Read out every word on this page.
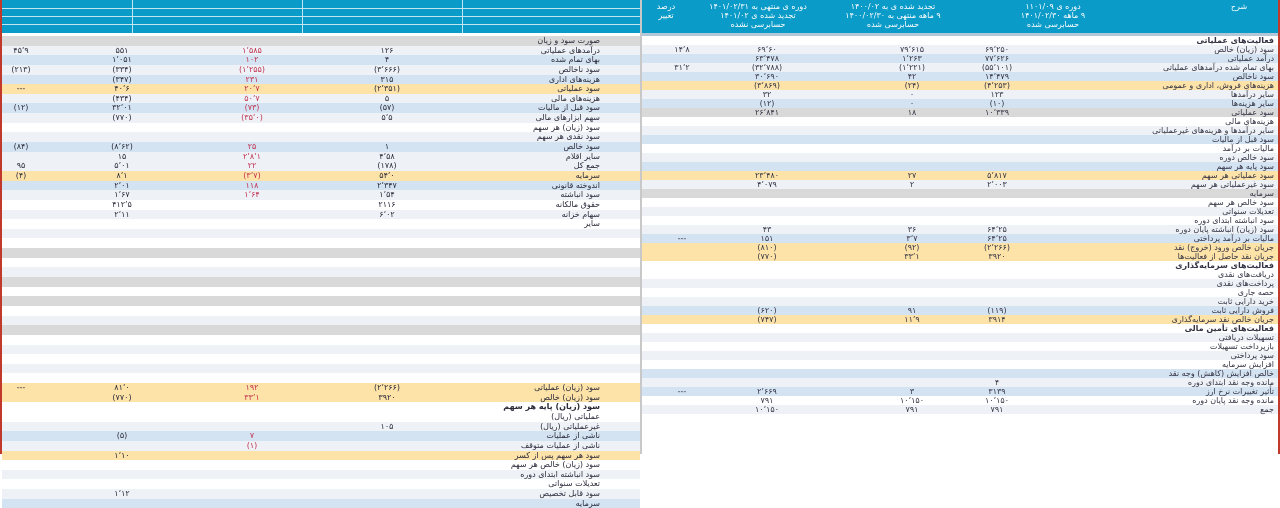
صورت سود و زیان
درآمدهای عملیاتی
۱۲۶
۱٬۵۸۵
۵۵۱
۴۵٬۹
بهای تمام شده
۴
۱۰۲
۱٬۰۵۱
سود ناخالص
(۳٬۶۶۶)
(۱٬۲۵۵)
(۳۳۴)
(۲۱۳)
هزینه‌های اداری
۳۱۵
۲۳۱
(۳۴۷)
سود عملیاتی
(۲٬۳۵۱)
۲۰٬۷
۴۰٬۶
---
هزینه‌های مالی
۵
۵۰٬۷
(۴۳۴)
سود قبل از مالیات
(۵۷)
(۷۳)
۳۲٬۰۱
(۱۲)
سهم ابزارهای مالی
۵٬۵
(۳۵٬۰)
(۷۷۰)
سود (زیان) هر سهم
سود نقدی هر سهم
سود خالص
۱
۲۵
(۸٬۶۲)
(۸۴)
سایر اقلام
۴٬۵۸
۲٬۸٬۱
۱۵
جمع کل
(۱۷۸)
۲۲
۵٬۰۱
۹۵
سرمایه
۵۴٬۰
(۳٬۷)
۸٬۱
(۴)
اندوخته قانونی
۲٬۳۴۷
۱۱۸
۲٬۰۱
سود انباشته
۱٬۵۴
۱٬۶۴
۱٬۶۷
حقوق مالکانه
۲۱۱۶
۴۱۲٬۵
سهام خزانه
۶٬۰۲
۲٬۱۱
سایر
سود (زیان) عملیاتی
(۲٬۲۶۶)
۱۹۲
۸۱٬۰
---
سود (زیان) خالص
۳۹۲۰
۳۳٬۱
(۷۷۰)
سود (زیان) پایه هر سهم
عملیاتی (ریال)
غیرعملیاتی (ریال)
۱۰۵
ناشی از عملیات
۷
(۵)
ناشی از عملیات متوقف
(۱)
سود هر سهم پس از کسر
۱٬۱۰
سود (زیان) خالص هر سهم
سود انباشته ابتدای دوره
تعدیلات سنواتی
سود قابل تخصیص
۱٬۱۲
سرمایه
شرح
دوره ی ۱۱۰۱/۰۹
۹ ماهه ۱۴۰۱/۰۲/۳۰
حسابرسی شده
تجدید شده ی به ۱۴۰۰/۰۲
۹ ماهه منتهی به ۱۴۰۰/۰۲/۳۰
حسابرسی شده
دوره ی منتهی به ۱۴۰۱/۰۲/۳۱
تجدید شده ی ۱۴۰۱/۰۲
حسابرسی نشده
درصد
تغییر
فعالیت‌های عملیاتی
سود (زیان) خالص
۶۹٬۲۵۰
۷۹٬۶۱۵
۶۹٬۶۰
۱۴٬۸
درآمد عملیاتی
۷۷٬۶۲۶
۱٬۲۶۳
۶۳٬۴۷۸
بهای تمام شده درآمدهای عملیاتی
(۵۵٬۱۰۱)
(۱٬۲۲۱)
(۳۲٬۷۸۸)
۳۱٬۲
سود ناخالص
۱۴٬۴۷۹
۴۲
۳۰٬۶۹۰
هزینه‌های فروش، اداری و عمومی
(۴٬۲۵۳)
(۲۴)
(۳٬۸۶۹)
سایر درآمدها
۱۲۳
۰
۳۲
سایر هزینه‌ها
(۱۰)
۰
(۱۲)
سود عملیاتی
۱۰٬۳۳۹
۱۸
۲۶٬۸۴۱
هزینه‌های مالی
سایر درآمدها و هزینه‌های غیرعملیاتی
سود قبل از مالیات
مالیات بر درآمد
سود خالص دوره
سود پایه هر سهم
سود عملیاتی هر سهم
۵٬۸۱۷
۲۷
۲۳٬۴۸۰
سود غیرعملیاتی هر سهم
۲٬۰۰۳
۲
۴٬۰۷۹
سرمایه
سود خالص هر سهم
تعدیلات سنواتی
سود انباشته ابتدای دوره
سود (زیان) انباشته پایان دوره
۶۴٬۲۵
۳۶
۴۳
مالیات بر درآمد پرداختی
۶۴٬۲۵
۳٬۷
۱۵۱
---
جریان خالص ورود (خروج) نقد
(۲٬۲۶۶)
(۹۲)
(۸۱۰)
جریان نقد حاصل از فعالیت‌ها
۳۹۲۰
۳۳٬۱
(۷۷۰)
فعالیت‌های سرمایه‌گذاری
دریافت‌های نقدی
پرداخت‌های نقدی
حصه جاری
خرید دارایی ثابت
فروش دارایی ثابت
(۱۱۹)
۹۱
(۶۲۰)
جریان خالص نقد سرمایه‌گذاری
۳۹۱۴
۱۱٬۹
(۷۴۷)
فعالیت‌های تأمین مالی
تسهیلات دریافتی
بازپرداخت تسهیلات
سود پرداختی
افزایش سرمایه
خالص افزایش (کاهش) وجه نقد
مانده وجه نقد ابتدای دوره
۴
تأثیر تغییرات نرخ ارز
۳۱۳۹
۳
۲٬۶۶۹
---
مانده وجه نقد پایان دوره
۱۰٬۱۵۰
۱۰٬۱۵۰
۷۹۱
جمع
۷۹۱
۷۹۱
۱۰٬۱۵۰
